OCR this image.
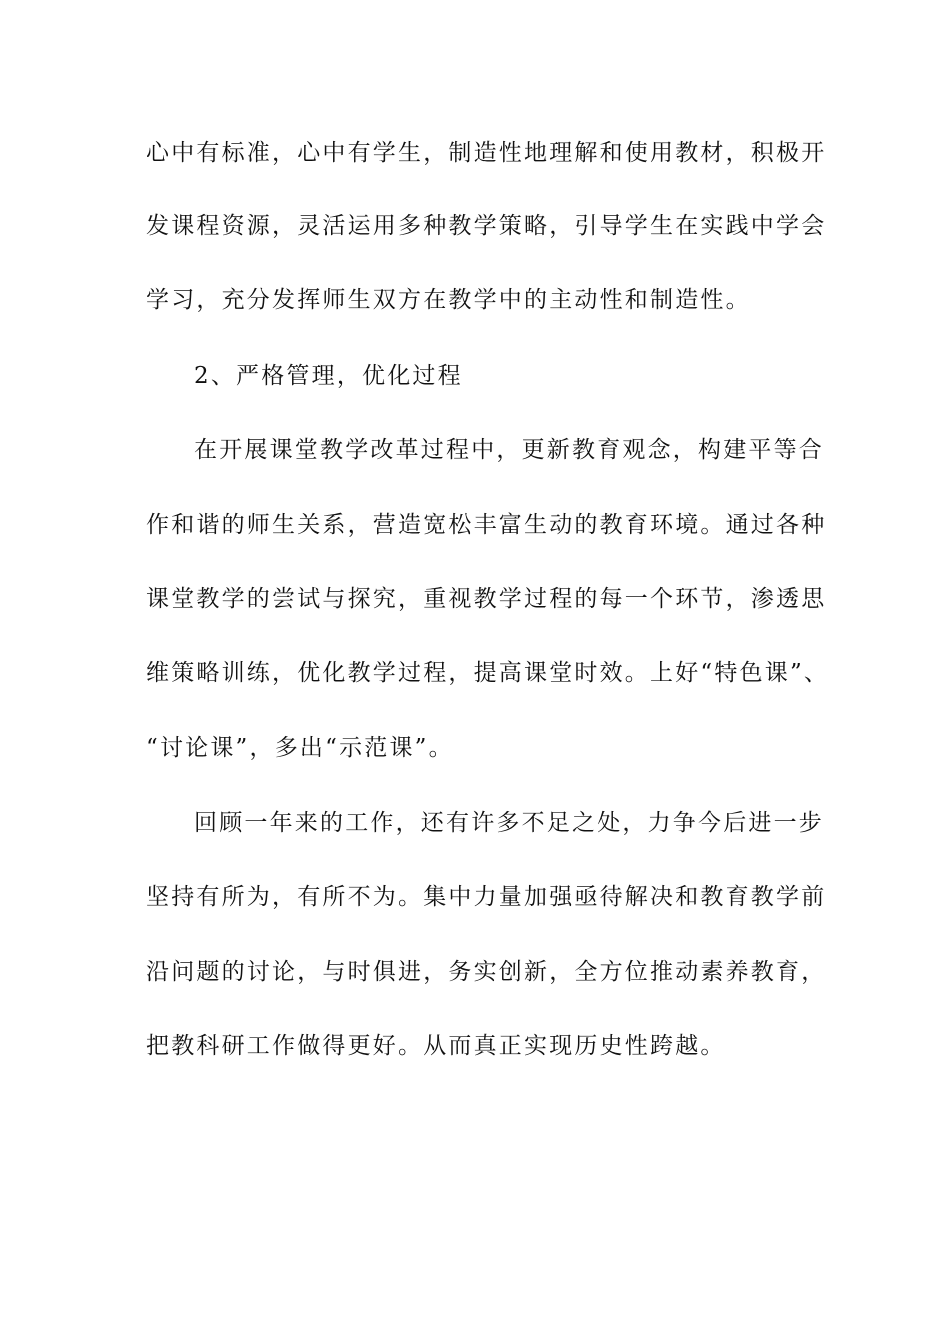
心中有标准，心中有学生，制造性地理解和使用教材，积极开
发课程资源，灵活运用多种教学策略，引导学生在实践中学会
学习，充分发挥师生双方在教学中的主动性和制造性。
2、严格管理，优化过程
在开展课堂教学改革过程中，更新教育观念，构建平等合
作和谐的师生关系，营造宽松丰富生动的教育环境。通过各种
课堂教学的尝试与探究，重视教学过程的每一个环节，渗透思
维策略训练，优化教学过程，提高课堂时效。上好“特色课”、
“讨论课”，多出“示范课”。
回顾一年来的工作，还有许多不足之处，力争今后进一步
坚持有所为，有所不为。集中力量加强亟待解决和教育教学前
沿问题的讨论，与时俱进，务实创新，全方位推动素养教育，
把教科研工作做得更好。从而真正实现历史性跨越。
